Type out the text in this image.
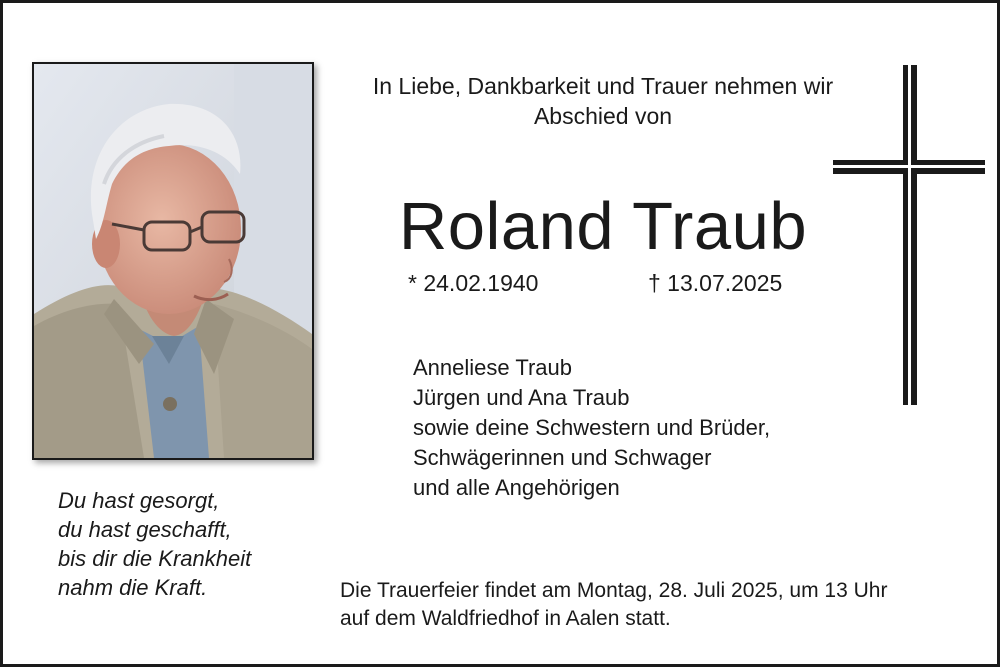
In Liebe, Dankbarkeit und Trauer nehmen wir
Abschied von
Roland Traub
* 24.02.1940	† 13.07.2025
Anneliese Traub
Jürgen und Ana Traub
sowie deine Schwestern und Brüder,
Schwägerinnen und Schwager
und alle Angehörigen
Du hast gesorgt,
du hast geschafft,
bis dir die Krankheit
nahm die Kraft.	Die Trauerfeier findet am Montag, 28. Juli 2025, um 13 Uhr
auf dem Waldfriedhof in Aalen statt.
